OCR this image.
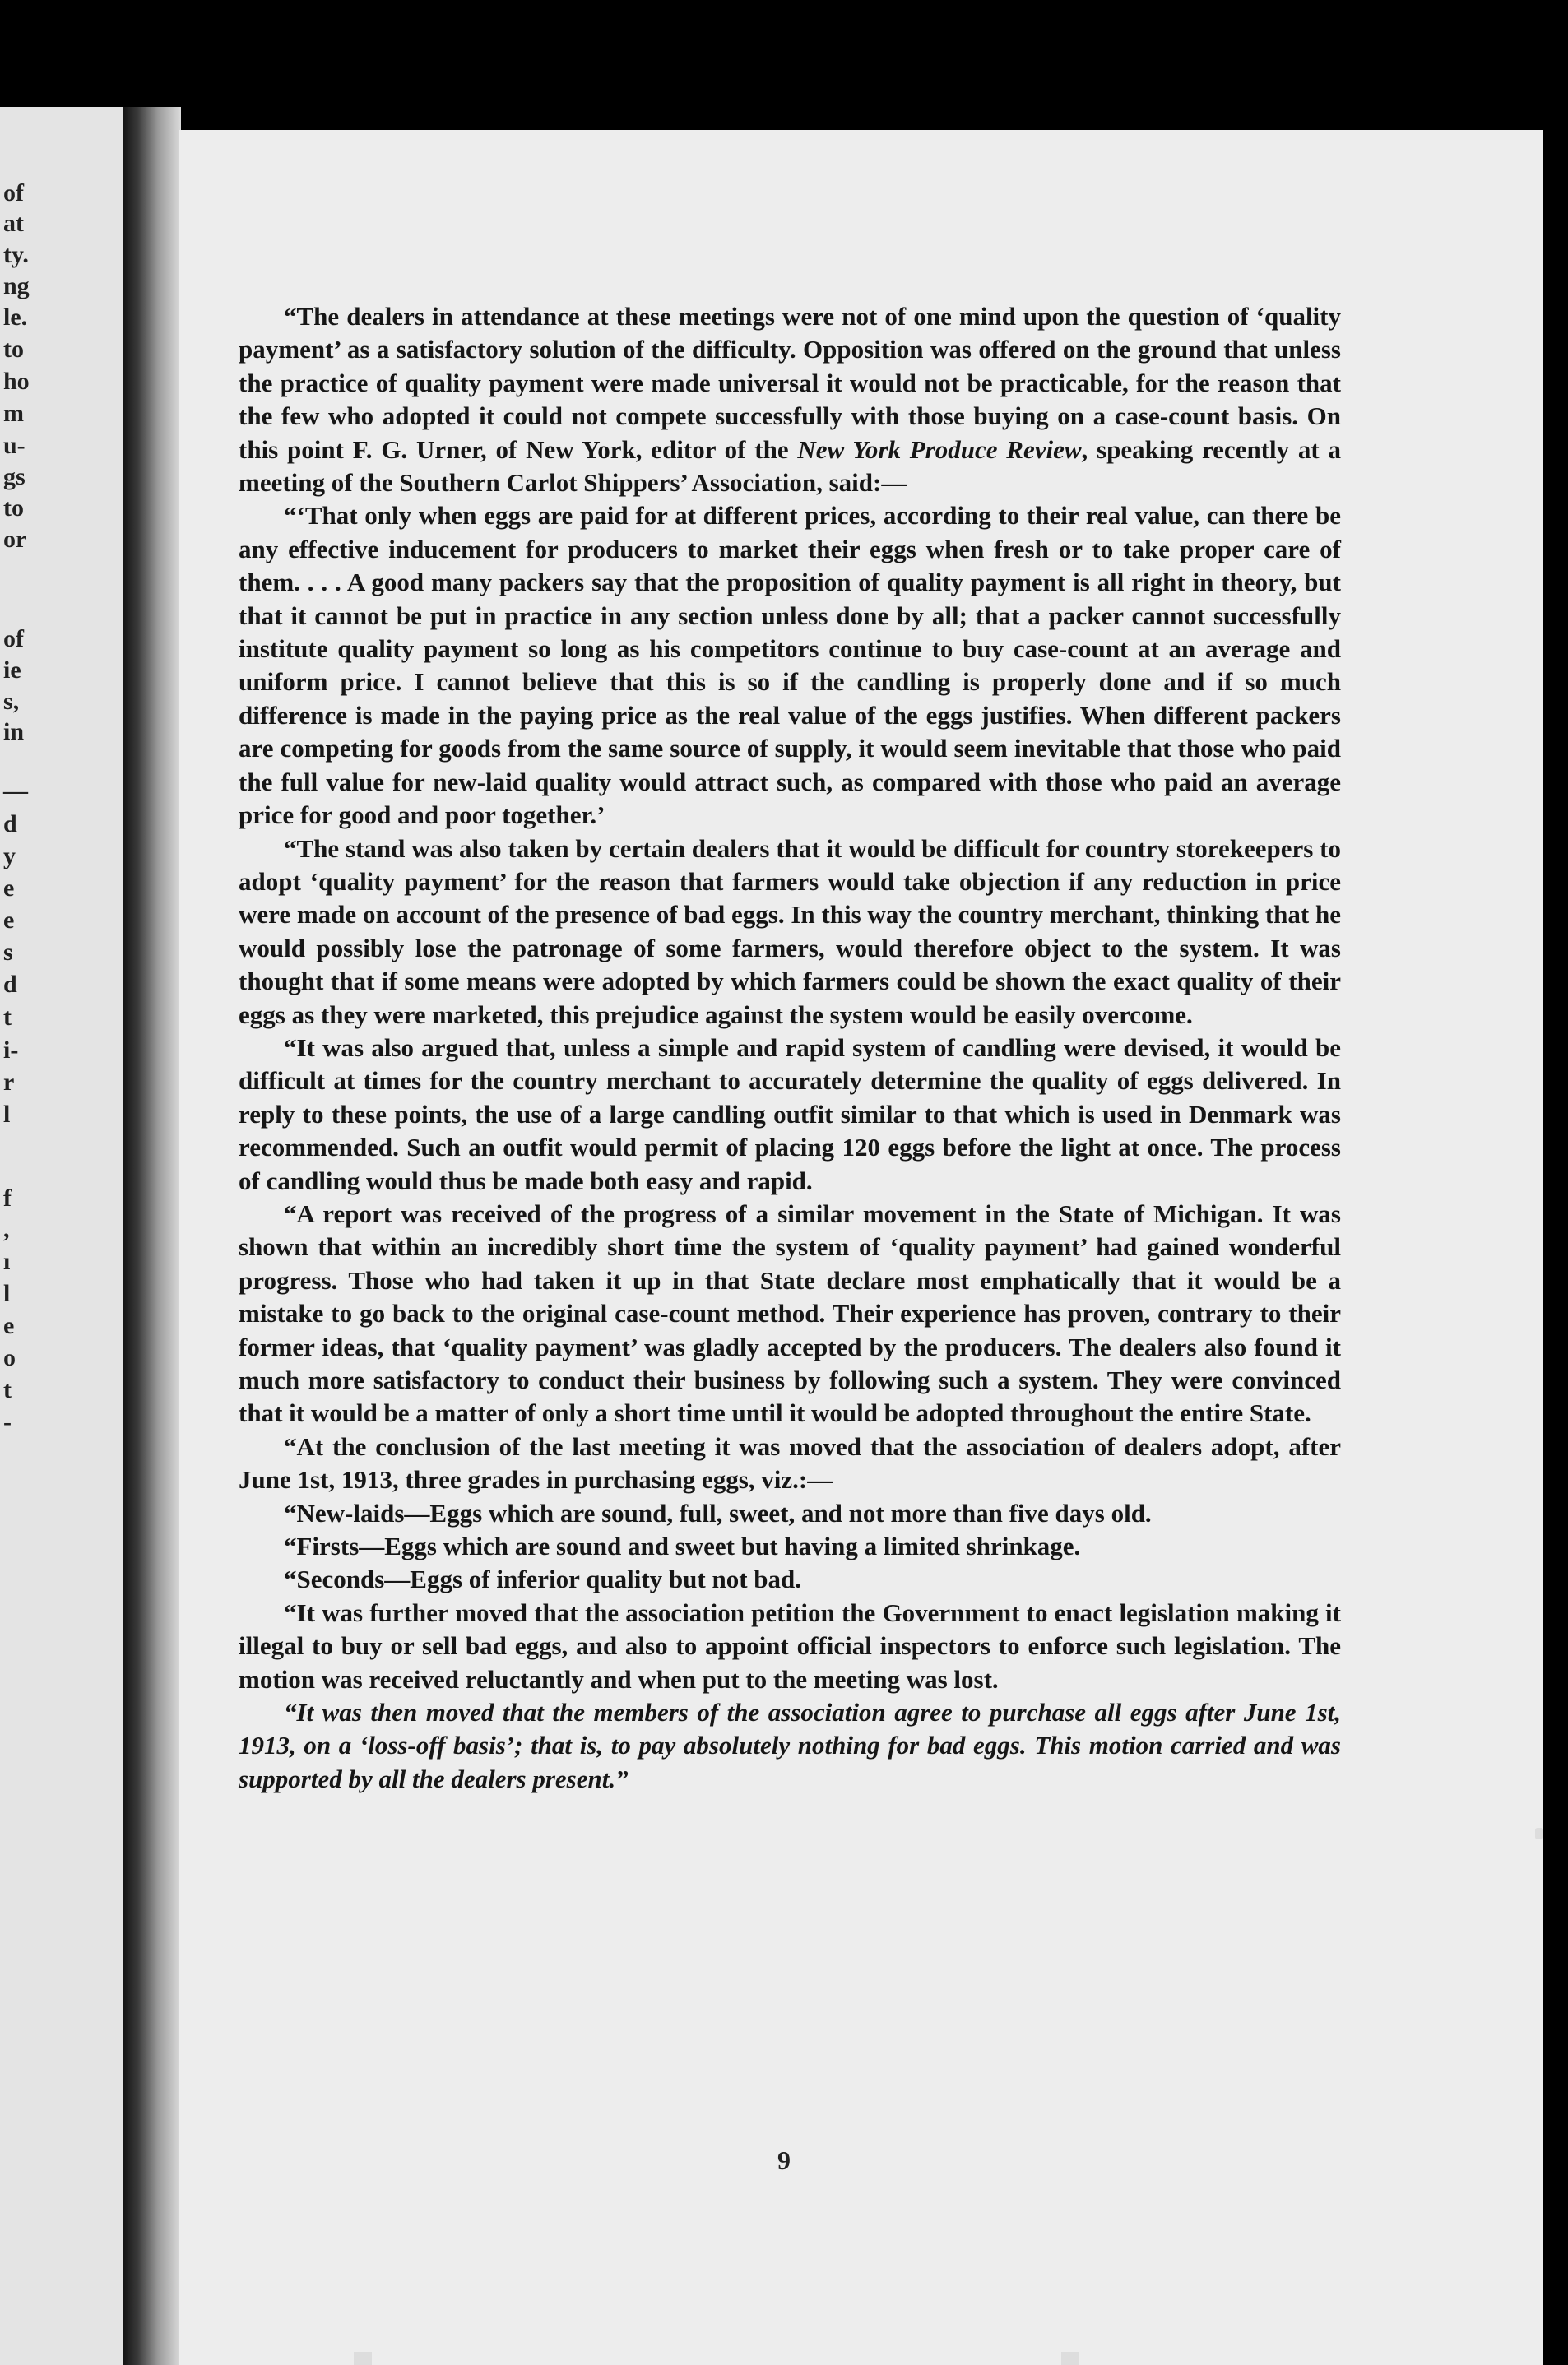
of
at
ty.
ng
le.
to
ho
m
u-
gs
to
or
of
ie
s,
in
—
d
y
e
e
s
d
t
i-
r
l
f
,
ı
l
e
o
t
-

“The dealers in attendance at these meetings were not of one mind upon the question of ‘quality payment’ as a satisfactory solution of the difficulty. Opposition was offered on the ground that unless the practice of quality payment were made universal it would not be practicable, for the reason that the few who adopted it could not compete successfully with those buying on a case-count basis. On this point F. G. Urner, of New York, editor of the New York Produce Review, speaking recently at a meeting of the Southern Carlot Shippers’ Association, said:—

“‘That only when eggs are paid for at different prices, according to their real value, can there be any effective inducement for producers to market their eggs when fresh or to take proper care of them. . . . A good many packers say that the proposition of quality payment is all right in theory, but that it cannot be put in practice in any section unless done by all; that a packer cannot successfully institute quality payment so long as his competitors continue to buy case-count at an average and uniform price. I cannot believe that this is so if the candling is properly done and if so much difference is made in the paying price as the real value of the eggs justifies. When different packers are competing for goods from the same source of supply, it would seem inevitable that those who paid the full value for new-laid quality would attract such, as compared with those who paid an average price for good and poor together.’

“The stand was also taken by certain dealers that it would be difficult for country storekeepers to adopt ‘quality payment’ for the reason that farmers would take objection if any reduction in price were made on account of the presence of bad eggs. In this way the country merchant, thinking that he would possibly lose the patronage of some farmers, would therefore object to the system. It was thought that if some means were adopted by which farmers could be shown the exact quality of their eggs as they were marketed, this prejudice against the system would be easily overcome.

“It was also argued that, unless a simple and rapid system of candling were devised, it would be difficult at times for the country merchant to accurately determine the quality of eggs delivered. In reply to these points, the use of a large candling outfit similar to that which is used in Denmark was recommended. Such an outfit would permit of placing 120 eggs before the light at once. The process of candling would thus be made both easy and rapid.

“A report was received of the progress of a similar movement in the State of Michigan. It was shown that within an incredibly short time the system of ‘quality payment’ had gained wonderful progress. Those who had taken it up in that State declare most emphatically that it would be a mistake to go back to the original case-count method. Their experience has proven, contrary to their former ideas, that ‘quality payment’ was gladly accepted by the producers. The dealers also found it much more satisfactory to conduct their business by following such a system. They were convinced that it would be a matter of only a short time until it would be adopted throughout the entire State.

“At the conclusion of the last meeting it was moved that the association of dealers adopt, after June 1st, 1913, three grades in purchasing eggs, viz.:—

“New-laids—Eggs which are sound, full, sweet, and not more than five days old.

“Firsts—Eggs which are sound and sweet but having a limited shrinkage.

“Seconds—Eggs of inferior quality but not bad.

“It was further moved that the association petition the Government to enact legislation making it illegal to buy or sell bad eggs, and also to appoint official inspectors to enforce such legislation. The motion was received reluctantly and when put to the meeting was lost.

“It was then moved that the members of the association agree to purchase all eggs after June 1st, 1913, on a ‘loss-off basis’; that is, to pay absolutely nothing for bad eggs. This motion carried and was supported by all the dealers present.”

9
